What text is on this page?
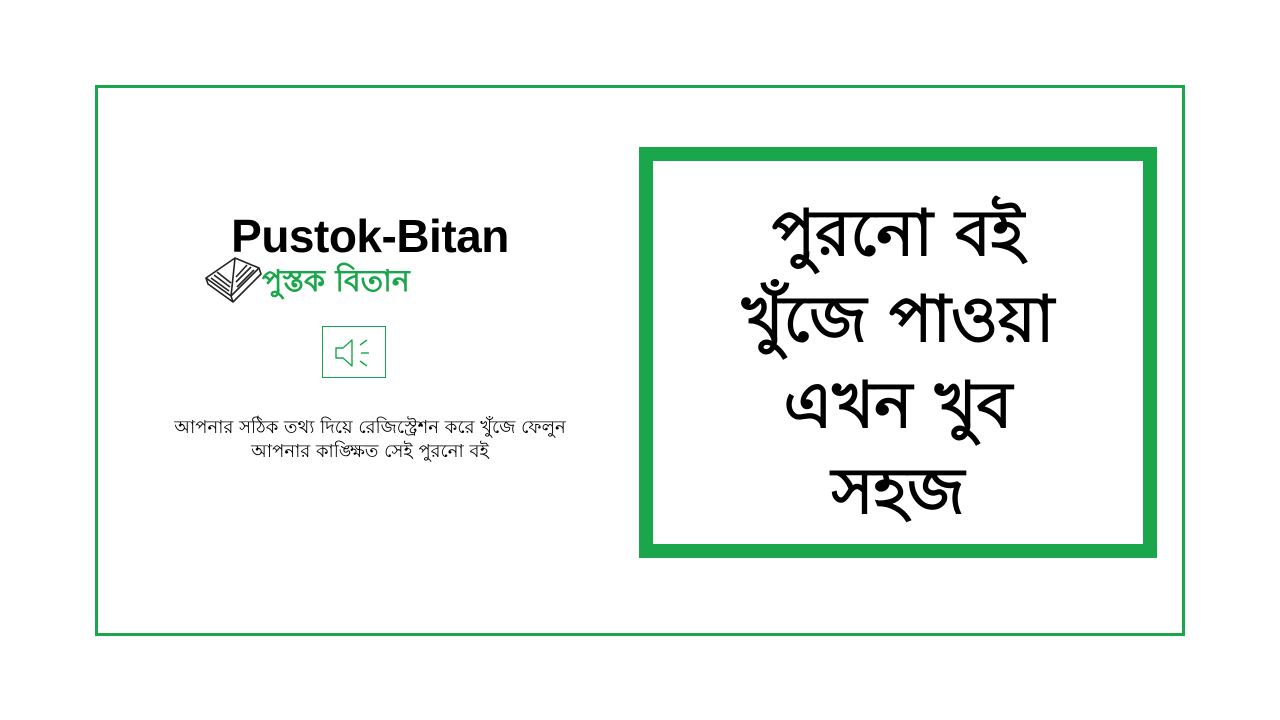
Pustok-Bitan
পুস্তক বিতান
আপনার সঠিক তথ্য দিয়ে রেজিস্ট্রেশন করে খুঁজে ফেলুন
আপনার কাঙ্ক্ষিত সেই পুরনো বই
পুরনো বই
খুঁজে পাওয়া
এখন খুব
সহজ
